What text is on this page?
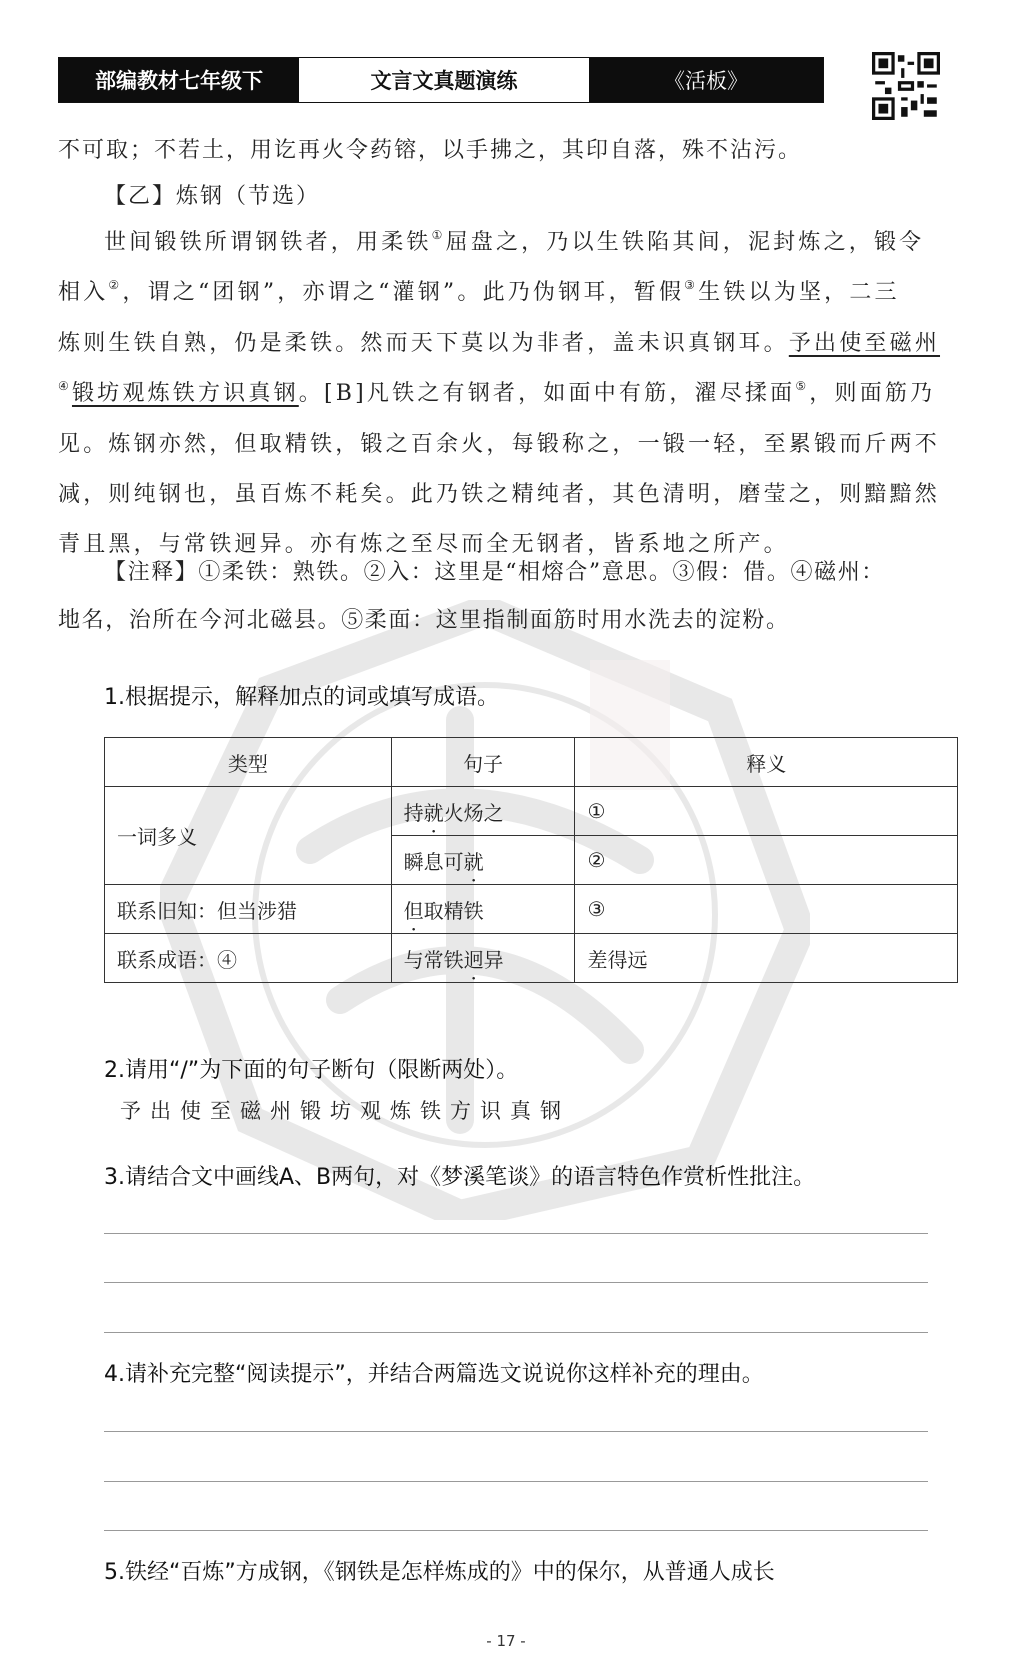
部编教材七年级下	文言文真题演练	《活板》
不可取；不若土，用讫再火令药镕，以手拂之，其印自落，殊不沾污。
【乙】炼钢（节选）

世间锻铁所谓钢铁者，用柔铁①屈盘之，乃以生铁陷其间，泥封炼之，锻令

相入②，谓之“团钢”，亦谓之“灌钢”。此乃伪钢耳，暂假③生铁以为坚，二三

炼则生铁自熟，仍是柔铁。然而天下莫以为非者，盖未识真钢耳。予出使至磁州

④锻坊观炼铁方识真钢。[B]凡铁之有钢者，如面中有筋，濯尽揉面⑤，则面筋乃

见。炼钢亦然，但取精铁，锻之百余火，每锻称之，一锻一轻，至累锻而斤两不

减，则纯钢也，虽百炼不耗矣。此乃铁之精纯者，其色清明，磨莹之，则黯黯然

青且黑，与常铁迥异。亦有炼之至尽而全无钢者，皆系地之所产。

【注释】①柔铁：熟铁。②入：这里是“相熔合”意思。③假：借。④磁州：
地名，治所在今河北磁县。⑤柔面：这里指制面筋时用水洗去的淀粉。
1.根据提示，解释加点的词或填写成语。
类型	句子	释义
一词多义	持就火炀之	①
	瞬息可就	②
联系旧知：但当涉猎	但取精铁	③
联系成语：④	与常铁迥异	差得远
2.请用“/”为下面的句子断句（限断两处）。
予出使至磁州锻坊观炼铁方识真钢
3.请结合文中画线A、B两句，对《梦溪笔谈》的语言特色作赏析性批注。
4.请补充完整“阅读提示”，并结合两篇选文说说你这样补充的理由。
5.铁经“百炼”方成钢，《钢铁是怎样炼成的》中的保尔，从普通人成长
- 17 -
